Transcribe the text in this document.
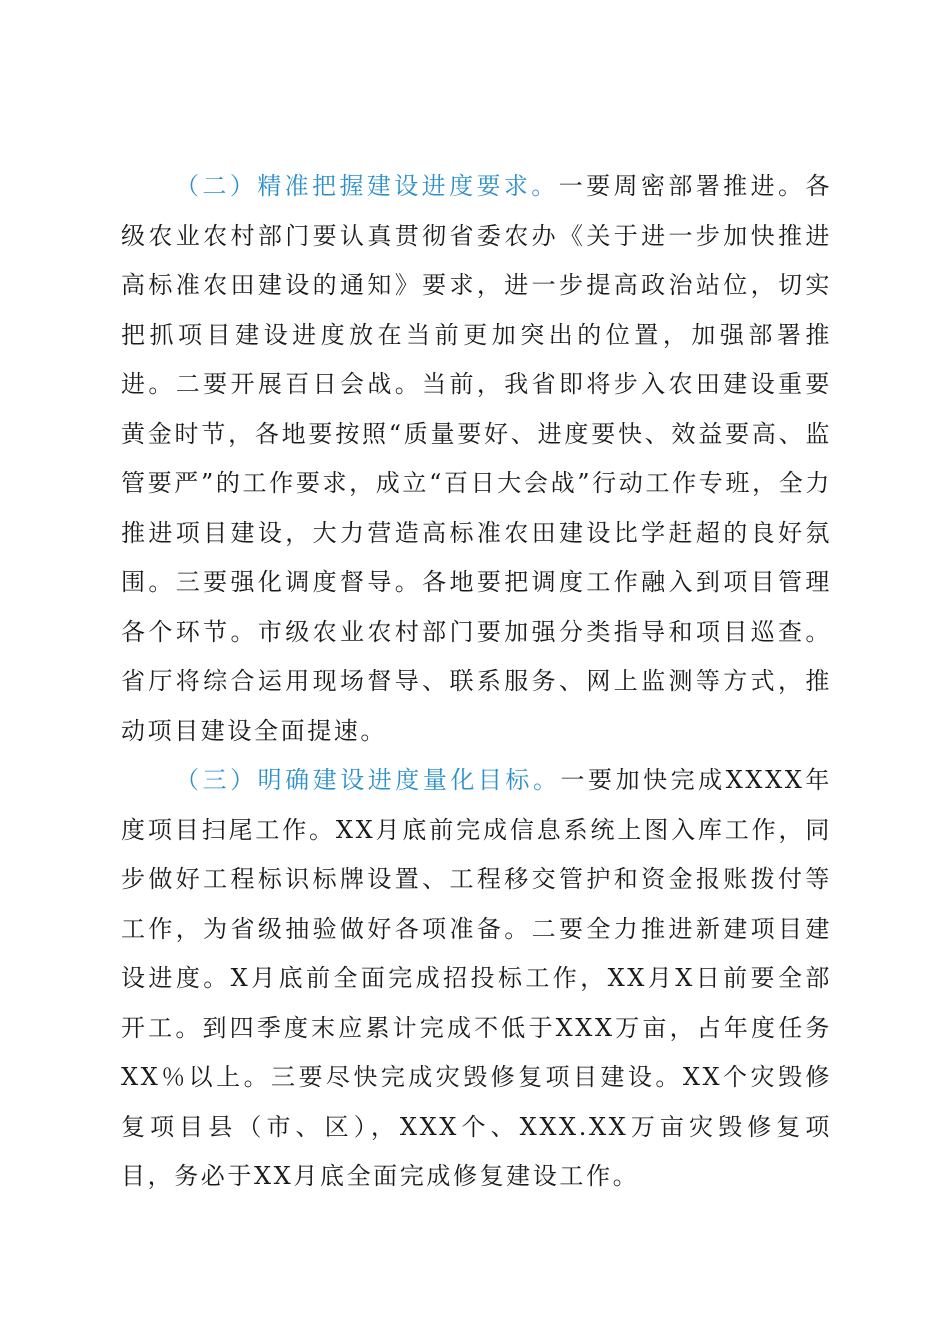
（二）精准把握建设进度要求。一要周密部署推进。各级农业农村部门要认真贯彻省委农办《关于进一步加快推进高标准农田建设的通知》要求，进一步提高政治站位，切实把抓项目建设进度放在当前更加突出的位置，加强部署推进。二要开展百日会战。当前，我省即将步入农田建设重要黄金时节，各地要按照“质量要好、进度要快、效益要高、监管要严”的工作要求，成立“百日大会战”行动工作专班，全力推进项目建设，大力营造高标准农田建设比学赶超的良好氛围。三要强化调度督导。各地要把调度工作融入到项目管理各个环节。市级农业农村部门要加强分类指导和项目巡查。省厅将综合运用现场督导、联系服务、网上监测等方式，推动项目建设全面提速。

（三）明确建设进度量化目标。一要加快完成XXXX年度项目扫尾工作。XX月底前完成信息系统上图入库工作，同步做好工程标识标牌设置、工程移交管护和资金报账拨付等工作，为省级抽验做好各项准备。二要全力推进新建项目建设进度。X月底前全面完成招投标工作，XX月X日前要全部开工。到四季度末应累计完成不低于XXX万亩，占年度任务XX％以上。三要尽快完成灾毁修复项目建设。XX个灾毁修复项目县（市、区），XXX个、XXX.XX万亩灾毁修复项目，务必于XX月底全面完成修复建设工作。
